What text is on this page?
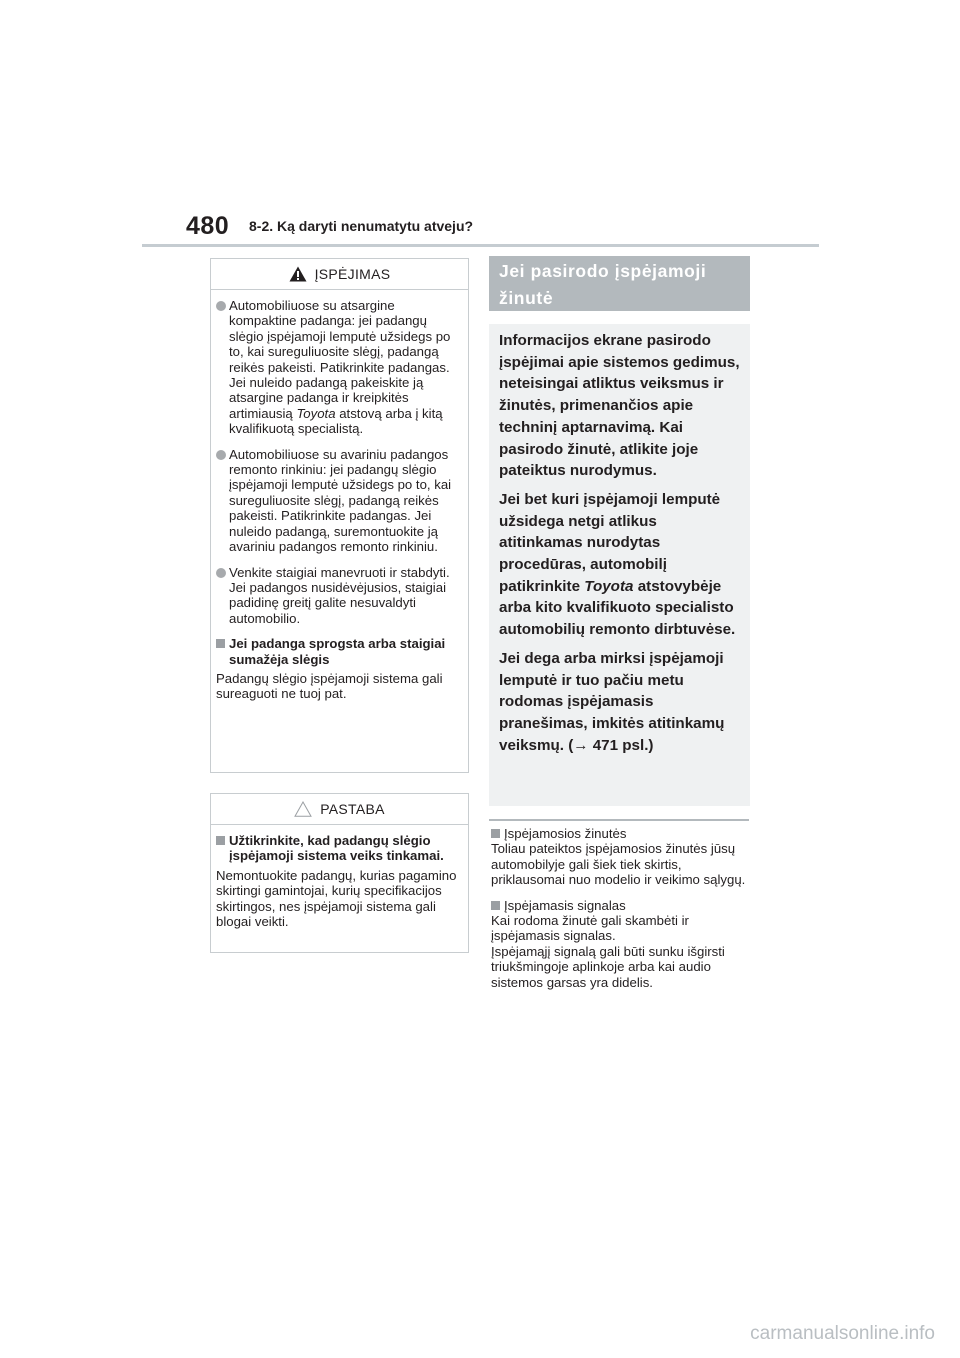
480 8-2. Ką daryti nenumatytu atveju?
ĮSPĖJIMAS
Automobiliuose su atsargine kompaktine padanga: jei padangų slėgio įspėjamoji lemputė užsidegs po to, kai sureguliuosite slėgį, padangą reikės pakeisti. Patikrinkite padangas. Jei nuleido padangą pakeiskite ją atsargine padanga ir kreipkitės artimiausią Toyota atstovą arba į kitą kvalifikuotą specialistą.
Automobiliuose su avariniu padangos remonto rinkiniu: jei padangų slėgio įspėjamoji lemputė užsidegs po to, kai sureguliuosite slėgį, padangą reikės pakeisti. Patikrinkite padangas. Jei nuleido padangą, suremontuokite ją avariniu padangos remonto rinkiniu.
Venkite staigiai manevruoti ir stabdyti. Jei padangos nusidėvėjusios, staigiai padidinę greitį galite nesuvaldyti automobilio.
Jei padanga sprogsta arba staigiai sumažėja slėgis
Padangų slėgio įspėjamoji sistema gali sureaguoti ne tuoj pat.
PASTABA
Užtikrinkite, kad padangų slėgio įspėjamoji sistema veiks tinkamai.
Nemontuokite padangų, kurias pagamino skirtingi gamintojai, kurių specifikacijos skirtingos, nes įspėjamoji sistema gali blogai veikti.
Jei pasirodo įspėjamoji žinutė

Informacijos ekrane pasirodo įspėjimai apie sistemos gedimus, neteisingai atliktus veiksmus ir žinutės, primenančios apie techninį aptarnavimą. Kai pasirodo žinutė, atlikite joje pateiktus nurodymus.

Jei bet kuri įspėjamoji lemputė užsidega netgi atlikus atitinkamas nurodytas procedūras, automobilį patikrinkite Toyota atstovybėje arba kito kvalifikuoto specialisto automobilių remonto dirbtuvėse.

Jei dega arba mirksi įspėjamoji lemputė ir tuo pačiu metu rodomas įspėjamasis pranešimas, imkitės atitinkamų veiksmų. (→ 471 psl.)

Įspėjamosios žinutės
Toliau pateiktos įspėjamosios žinutės jūsų automobilyje gali šiek tiek skirtis, priklausomai nuo modelio ir veikimo sąlygų.
Įspėjamasis signalas
Kai rodoma žinutė gali skambėti ir įspėjamasis signalas.
Įspėjamąjį signalą gali būti sunku išgirsti triukšmingoje aplinkoje arba kai audio sistemos garsas yra didelis.
carmanualsonline.info
